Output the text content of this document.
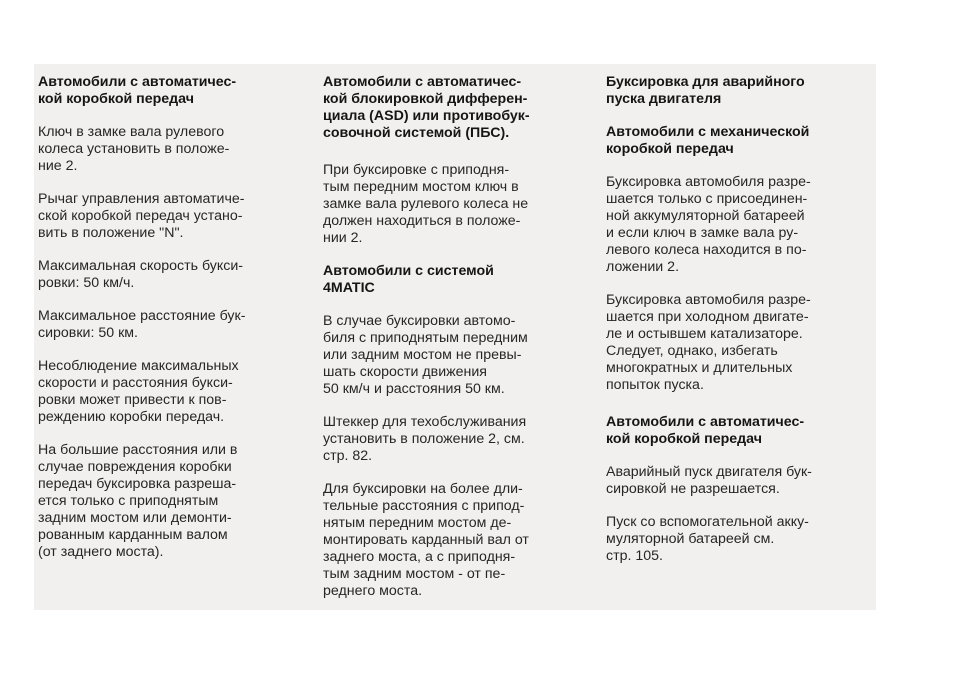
Автомобили с автоматичес-
кой коробкой передач

Ключ в замке вала рулевого
колеса установить в положе-
ние 2.

Рычаг управления автоматиче-
ской коробкой передач устано-
вить в положение "N".

Максимальная скорость букси-
ровки: 50 км/ч.

Максимальное расстояние бук-
сировки: 50 км.

Несоблюдение максимальных
скорости и расстояния букси-
ровки может привести к пов-
реждению коробки передач.

На большие расстояния или в
случае повреждения коробки
передач буксировка разреша-
ется только с приподнятым
задним мостом или демонти-
рованным карданным валом
(от заднего моста).

Автомобили с автоматичес-
кой блокировкой дифферен-
циала (ASD) или противобук-
совочной системой (ПБС).

При буксировке с приподня-
тым передним мостом ключ в
замке вала рулевого колеса не
должен находиться в положе-
нии 2.

Автомобили с системой
4MATIC

В случае буксировки автомо-
биля с приподнятым передним
или задним мостом не превы-
шать скорости движения
50 км/ч и расстояния 50 км.

Штеккер для техобслуживания
установить в положение 2, см.
стр. 82.

Для буксировки на более дли-
тельные расстояния с припод-
нятым передним мостом де-
монтировать карданный вал от
заднего моста, а с приподня-
тым задним мостом - от пе-
реднего моста.

Буксировка для аварийного
пуска двигателя

Автомобили с механической
коробкой передач

Буксировка автомобиля разре-
шается только с присоединен-
ной аккумуляторной батареей
и если ключ в замке вала ру-
левого колеса находится в по-
ложении 2.

Буксировка автомобиля разре-
шается при холодном двигате-
ле и остывшем катализаторе.
Следует, однако, избегать
многократных и длительных
попыток пуска.

Автомобили с автоматичес-
кой коробкой передач

Аварийный пуск двигателя бук-
сировкой не разрешается.

Пуск со вспомогательной акку-
муляторной батареей см.
стр. 105.
